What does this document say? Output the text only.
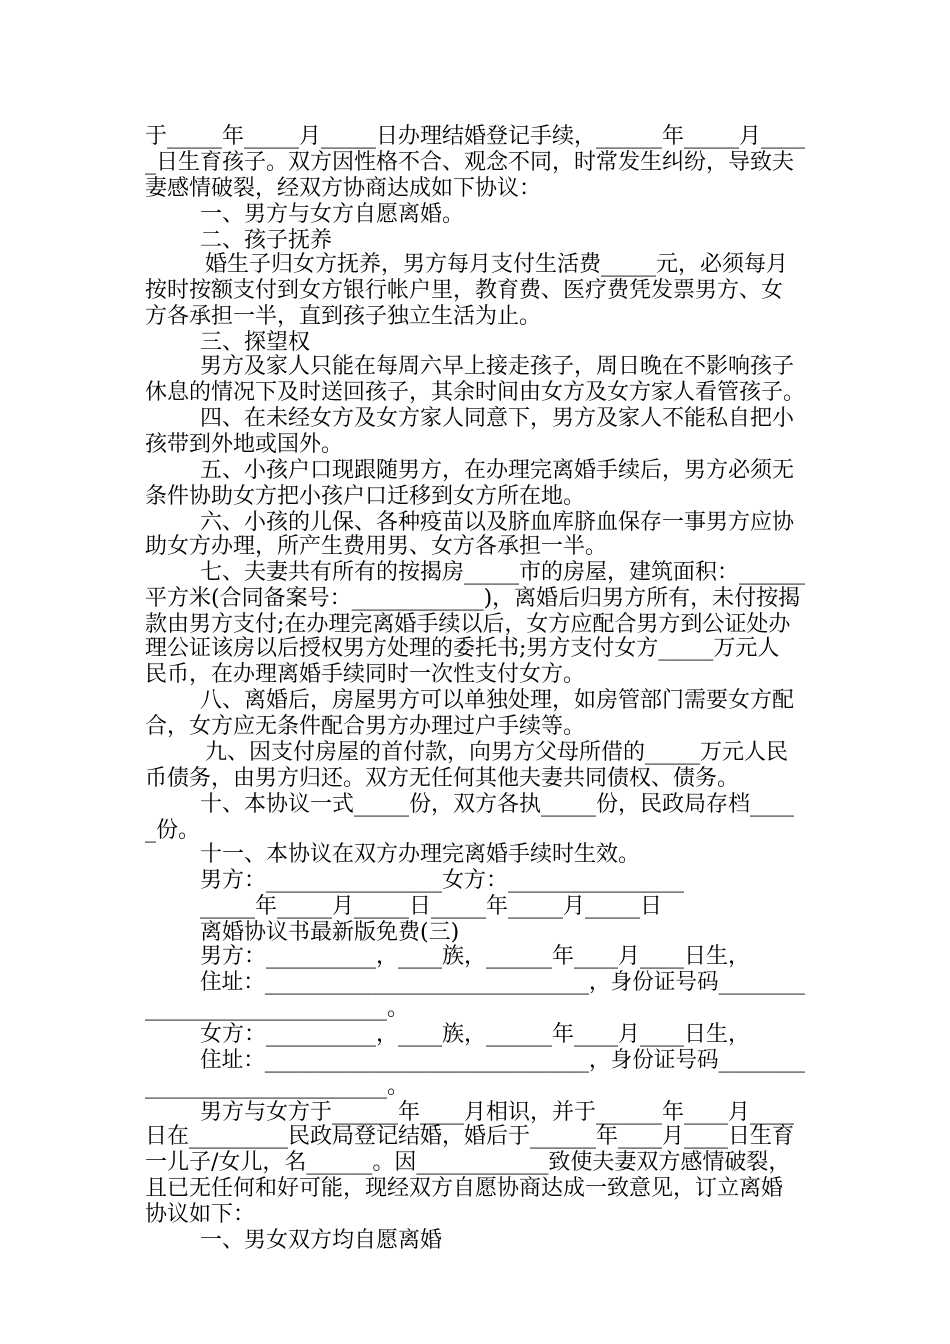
于_____年_____月_____日办理结婚登记手续，______年_____月____

_日生育孩子。双方因性格不合、观念不同，时常发生纠纷，导致夫

妻感情破裂，经双方协商达成如下协议：

一、男方与女方自愿离婚。

二、孩子抚养

婚生子归女方抚养，男方每月支付生活费_____元，必须每月

按时按额支付到女方银行帐户里，教育费、医疗费凭发票男方、女

方各承担一半，直到孩子独立生活为止。

三、探望权

男方及家人只能在每周六早上接走孩子，周日晚在不影响孩子

休息的情况下及时送回孩子，其余时间由女方及女方家人看管孩子。

四、在未经女方及女方家人同意下，男方及家人不能私自把小

孩带到外地或国外。

五、小孩户口现跟随男方，在办理完离婚手续后，男方必须无

条件协助女方把小孩户口迁移到女方所在地。

六、小孩的儿保、各种疫苗以及脐血库脐血保存一事男方应协

助女方办理，所产生费用男、女方各承担一半。

七、夫妻共有所有的按揭房_____市的房屋，建筑面积：______

平方米(合同备案号：____________)，离婚后归男方所有，未付按揭

款由男方支付;在办理完离婚手续以后，女方应配合男方到公证处办

理公证该房以后授权男方处理的委托书;男方支付女方_____万元人

民币，在办理离婚手续同时一次性支付女方。

八、离婚后，房屋男方可以单独处理，如房管部门需要女方配

合，女方应无条件配合男方办理过户手续等。

九、因支付房屋的首付款，向男方父母所借的_____万元人民

币债务，由男方归还。双方无任何其他夫妻共同债权、债务。

十、本协议一式_____份，双方各执_____份，民政局存档____

_份。

十一、本协议在双方办理完离婚手续时生效。

男方：________________女方：________________

_____年_____月_____日_____年_____月_____日

离婚协议书最新版免费(三)

男方：__________，____族，______年____月____日生，

住址：______________________________，身份证号码________

______________________。

女方：__________，____族，______年____月____日生，

住址：______________________________，身份证号码________

______________________。

男方与女方于______年____月相识，并于______年____月____

日在_________民政局登记结婚，婚后于______年____月____日生育

一儿子/女儿，名______。因____________致使夫妻双方感情破裂，

且已无任何和好可能，现经双方自愿协商达成一致意见，订立离婚

协议如下：

一、男女双方均自愿离婚
